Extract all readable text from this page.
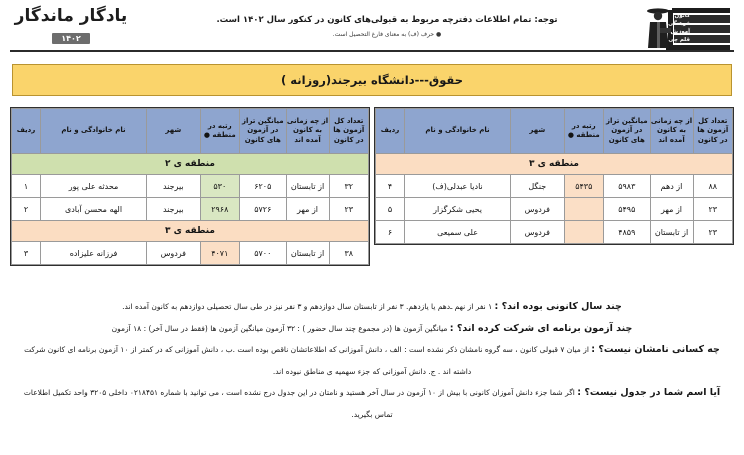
کانون
فرهنگی
آموزش
قلم چی
توجه: تمام اطلاعات دفترچه مربوط به قبولی‌های کانون در کنکور سال ۱۴۰۲ است.
● حرف (ف) به معنای فارغ التحصیل است.
یادگار ماندگار
۱۴۰۲
حقوق---دانشگاه بیرجند(روزانه )
تعداد کل آزمون ها در کانون	از چه زمانی به کانون آمده اند	میانگین تراز در آزمون های کانون	رتبه در منطقه ●	شهر	نام خانوادگی و نام	ردیف
منطقه ی ۳						
۸۸	از دهم	۵۹۸۳	۵۴۳۵	جنگل	نادیا عبدلی(ف)	۴
۲۳	از مهر	۵۴۹۵		فردوس	یحیی شکرگزار	۵
۲۳	از تابستان	۴۸۵۹		فردوس	علی سمیعی	۶
تعداد کل آزمون ها در کانون	از چه زمانی به کانون آمده اند	میانگین تراز در آزمون های کانون	رتبه در منطقه ●	شهر	نام خانوادگی و نام	ردیف
منطقه ی ۲						
۳۲	از تابستان	۶۲۰۵	۵۳۰	بیرجند	محدثه علی پور	۱
۲۳	از مهر	۵۷۲۶	۲۹۶۸	بیرجند	الهه محسن آبادی	۲
منطقه ی ۳						
۳۸	از تابستان	۵۷۰۰	۴۰۷۱	فردوس	فرزانه علیزاده	۳
چند سال کانونی بوده اند؟ : ۱ نفر از نهم ـ‌دهم یا یازدهم. ۳ نفر از تابستان سال دوازدهم و ۳ نفر نیز در طی سال تحصیلی دوازدهم به کانون آمده اند.
چند آزمون برنامه ای شرکت کرده اند؟ : میانگین آزمون ها (در مجموع چند سال حضور ) : ۳۲ آزمون میانگین آزمون ها (فقط در سال آخر) : ۱۸ آزمون
چه کسانی نامشان نیست؟ : از میان ۷ قبولی کانون ، سه گروه نامشان ذکر نشده است : الف ، دانش آموزانی که اطلاعاتشان ناقص بوده است .ب ، دانش آموزانی که در کمتر از ۱۰ آزمون برنامه ای کانون شرکت داشته اند . ج. دانش آموزانی که جزء سهمیه ی مناطق نبوده اند.
آیا اسم شما در جدول نیست؟ : اگر شما جزء دانش آموزان کانونی با بیش از ۱۰ آزمون در سال آخر هستید و نامتان در این جدول درج نشده است ، می توانید با شماره ۰۲۱۸۴۵۱ داخلی ۳۲۰۵ واحد تکمیل اطلاعات تماس بگیرید.
